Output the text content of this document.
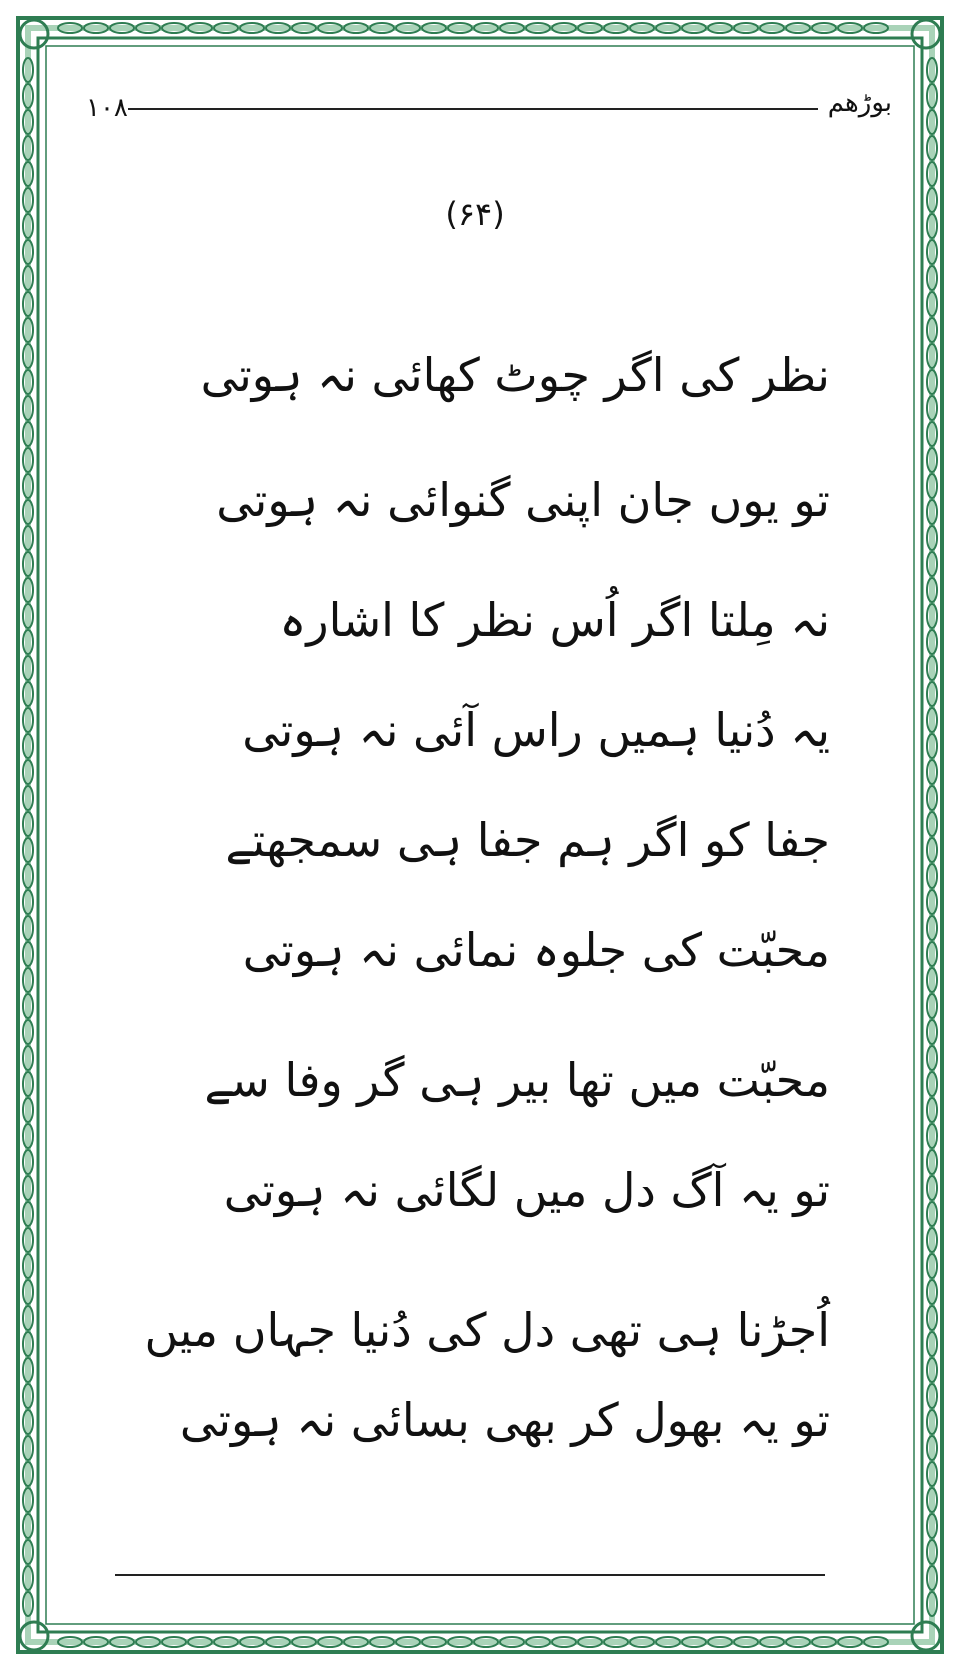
بوڑھم
۱۰۸
(۶۴)
نظر کی اگر چوٹ کھائی نہ ہوتی
تو یوں جان اپنی گنوائی نہ ہوتی
نہ مِلتا اگر اُس نظر کا اشارہ
یہ دُنیا ہمیں راس آئی نہ ہوتی
جفا کو اگر ہم جفا ہی سمجھتے
محبّت کی جلوہ نمائی نہ ہوتی
محبّت میں تھا بیر ہی گر وفا سے
تو یہ آگ دل میں لگائی نہ ہوتی
اُجڑنا ہی تھی دل کی دُنیا جہاں میں
تو یہ بھول کر بھی بسائی نہ ہوتی
